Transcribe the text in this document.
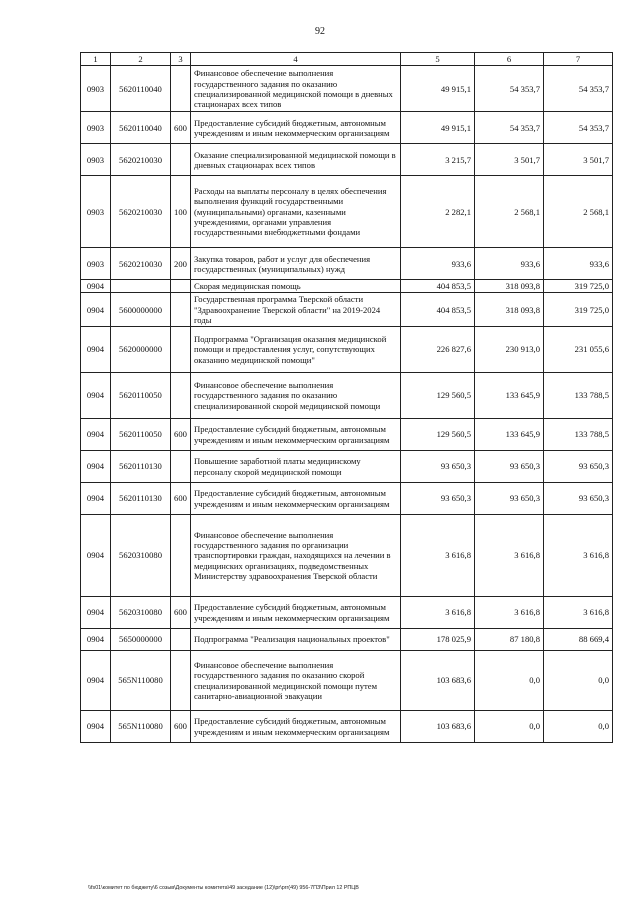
92
1	2	3	4	5	6	7
0903	5620110040		Финансовое обеспечение выполнения государственного задания по оказанию специализированной медицинской помощи в дневных стационарах всех типов	49 915,1	54 353,7	54 353,7
0903	5620110040	600	Предоставление субсидий бюджетным, автономным учреждениям и иным некоммерческим организациям	49 915,1	54 353,7	54 353,7
0903	5620210030		Оказание специализированной медицинской помощи в дневных стационарах всех типов	3 215,7	3 501,7	3 501,7
0903	5620210030	100	Расходы на выплаты персоналу в целях обеспечения выполнения функций государственными (муниципальными) органами, казенными учреждениями, органами управления государственными внебюджетными фондами	2 282,1	2 568,1	2 568,1
0903	5620210030	200	Закупка товаров, работ и услуг для обеспечения государственных (муниципальных) нужд	933,6	933,6	933,6
0904			Скорая медицинская помощь	404 853,5	318 093,8	319 725,0
0904	5600000000		Государственная программа Тверской области "Здравоохранение Тверской области" на 2019-2024 годы	404 853,5	318 093,8	319 725,0
0904	5620000000		Подпрограмма "Организация оказания медицинской помощи и предоставления услуг, сопутствующих оказанию медицинской помощи"	226 827,6	230 913,0	231 055,6
0904	5620110050		Финансовое обеспечение выполнения государственного задания по оказанию специализированной скорой медицинской помощи	129 560,5	133 645,9	133 788,5
0904	5620110050	600	Предоставление субсидий бюджетным, автономным учреждениям и иным некоммерческим организациям	129 560,5	133 645,9	133 788,5
0904	5620110130		Повышение заработной платы медицинскому персоналу скорой медицинской помощи	93 650,3	93 650,3	93 650,3
0904	5620110130	600	Предоставление субсидий бюджетным, автономным учреждениям и иным некоммерческим организациям	93 650,3	93 650,3	93 650,3
0904	5620310080		Финансовое обеспечение выполнения государственного задания по организации транспортировки граждан, находящихся на лечении в медицинских организациях, подведомственных Министерству здравоохранения Тверской области	3 616,8	3 616,8	3 616,8
0904	5620310080	600	Предоставление субсидий бюджетным, автономным учреждениям и иным некоммерческим организациям	3 616,8	3 616,8	3 616,8
0904	5650000000		Подпрограмма "Реализация национальных проектов"	178 025,9	87 180,8	88 669,4
0904	565N110080		Финансовое обеспечение выполнения государственного задания по оказанию скорой специализированной медицинской помощи путем санитарно-авиационной эвакуации	103 683,6	0,0	0,0
0904	565N110080	600	Предоставление субсидий бюджетным, автономным учреждениям и иным некоммерческим организациям	103 683,6	0,0	0,0
\\fs01\комитет по бюджету\6 созыв\Документы комитета\49 заседание (12)\pr\prr(49) 956-7ПЗ\Прил 12 РПЦВ
